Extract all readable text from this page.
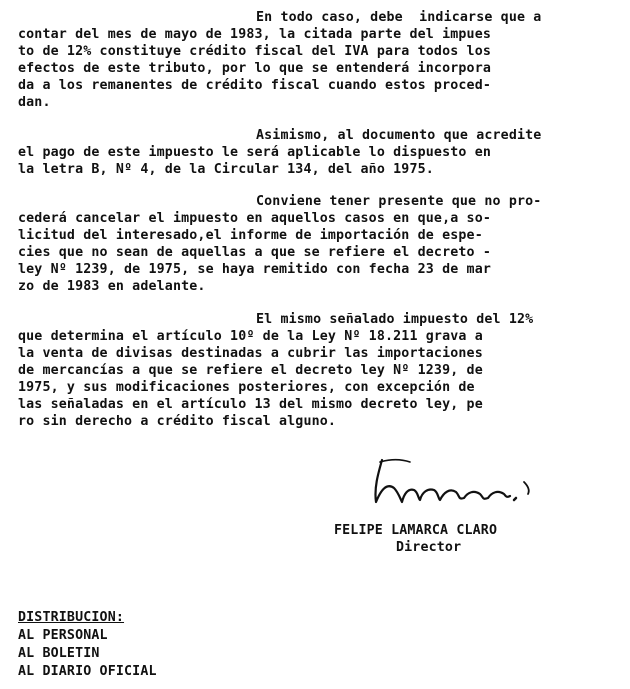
En todo caso, debe  indicarse que a
contar del mes de mayo de 1983, la citada parte del impues
to de 12% constituye crédito fiscal del IVA para todos los
efectos de este tributo, por lo que se entenderá incorpora
da a los remanentes de crédito fiscal cuando estos proced-
dan.
Asimismo, al documento que acredite
el pago de este impuesto le será aplicable lo dispuesto en
la letra B, Nº 4, de la Circular 134, del año 1975.
Conviene tener presente que no pro-
cederá cancelar el impuesto en aquellos casos en que,a so-
licitud del interesado,el informe de importación de espe-
cies que no sean de aquellas a que se refiere el decreto -
ley Nº 1239, de 1975, se haya remitido con fecha 23 de mar
zo de 1983 en adelante.
El mismo señalado impuesto del 12%
que determina el artículo 10º de la Ley Nº 18.211 grava a
la venta de divisas destinadas a cubrir las importaciones
de mercancías a que se refiere el decreto ley Nº 1239, de
1975, y sus modificaciones posteriores, con excepción de
las señaladas en el artículo 13 del mismo decreto ley, pe
ro sin derecho a crédito fiscal alguno.
FELIPE LAMARCA CLARO
Director
DISTRIBUCION:
AL PERSONAL
AL BOLETIN
AL DIARIO OFICIAL
